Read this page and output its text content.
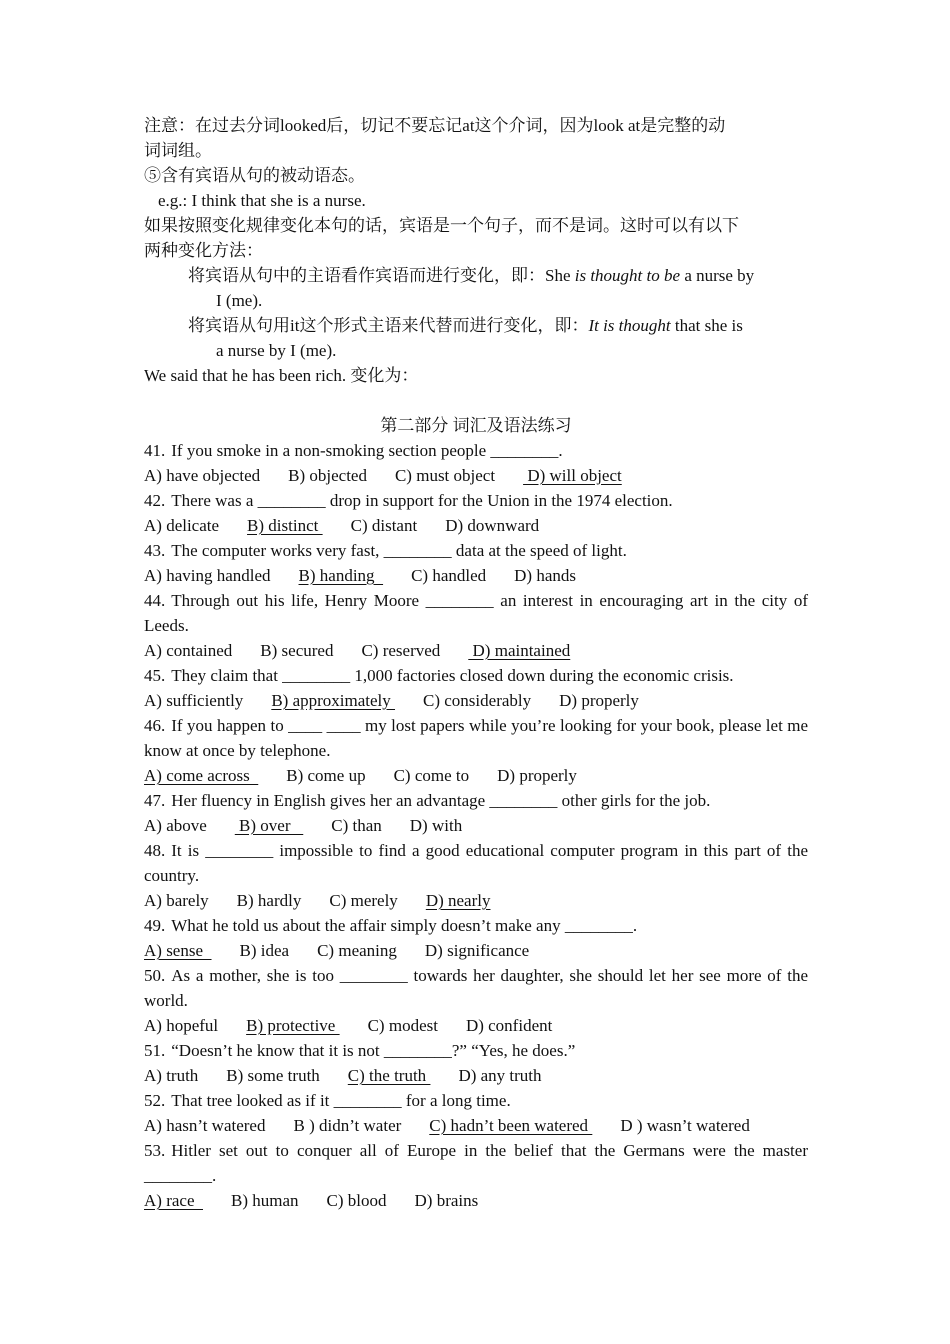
注意：在过去分词looked后，切记不要忘记at这个介词，因为look at是完整的动
词词组。
⑤含有宾语从句的被动语态。
e.g.: I think that she is a nurse.
如果按照变化规律变化本句的话，宾语是一个句子，而不是词。这时可以有以下
两种变化方法：
将宾语从句中的主语看作宾语而进行变化，即：She is thought to be a nurse by
I (me).
将宾语从句用it这个形式主语来代替而进行变化，即：It is thought that she is
a nurse by I (me).
We said that he has been rich. 变化为：
第二部分 词汇及语法练习
41. If you smoke in a non-smoking section people ________.
A) have objected B) objected C) must object D) will object
42. There was a ________ drop in support for the Union in the 1974 election.
A) delicate B) distinct C) distant D) downward
43. The computer works very fast, ________ data at the speed of light.
A) having handled B) handing  C) handled D) hands
44. Through out his life, Henry Moore ________ an interest in encouraging art in the city of Leeds.
A) contained B) secured C) reserved D) maintained
45. They claim that ________ 1,000 factories closed down during the economic crisis.
A) sufficiently B) approximately C) considerably D) properly
46. If you happen to ____ ____ my lost papers while you’re looking for your book, please let me know at once by telephone.
A) come across  B) come up C) come to D) properly
47. Her fluency in English gives her an advantage ________ other girls for the job.
A) above B) over   C) than D) with
48. It is ________ impossible to find a good educational computer program in this part of the country.
A) barely B) hardly C) merely D) nearly
49. What he told us about the affair simply doesn’t make any ________.
A) sense  B) idea C) meaning D) significance
50. As a mother, she is too ________ towards her daughter, she should let her see more of the world.
A) hopeful B) protective C) modest D) confident
51. “Doesn’t he know that it is not ________?” “Yes, he does.”
A) truth B) some truth C) the truth D) any truth
52. That tree looked as if it ________ for a long time.
A) hasn’t watered B ) didn’t water C) hadn’t been watered D ) wasn’t watered
53. Hitler set out to conquer all of Europe in the belief that the Germans were the master ________.
A) race  B) human C) blood D) brains
